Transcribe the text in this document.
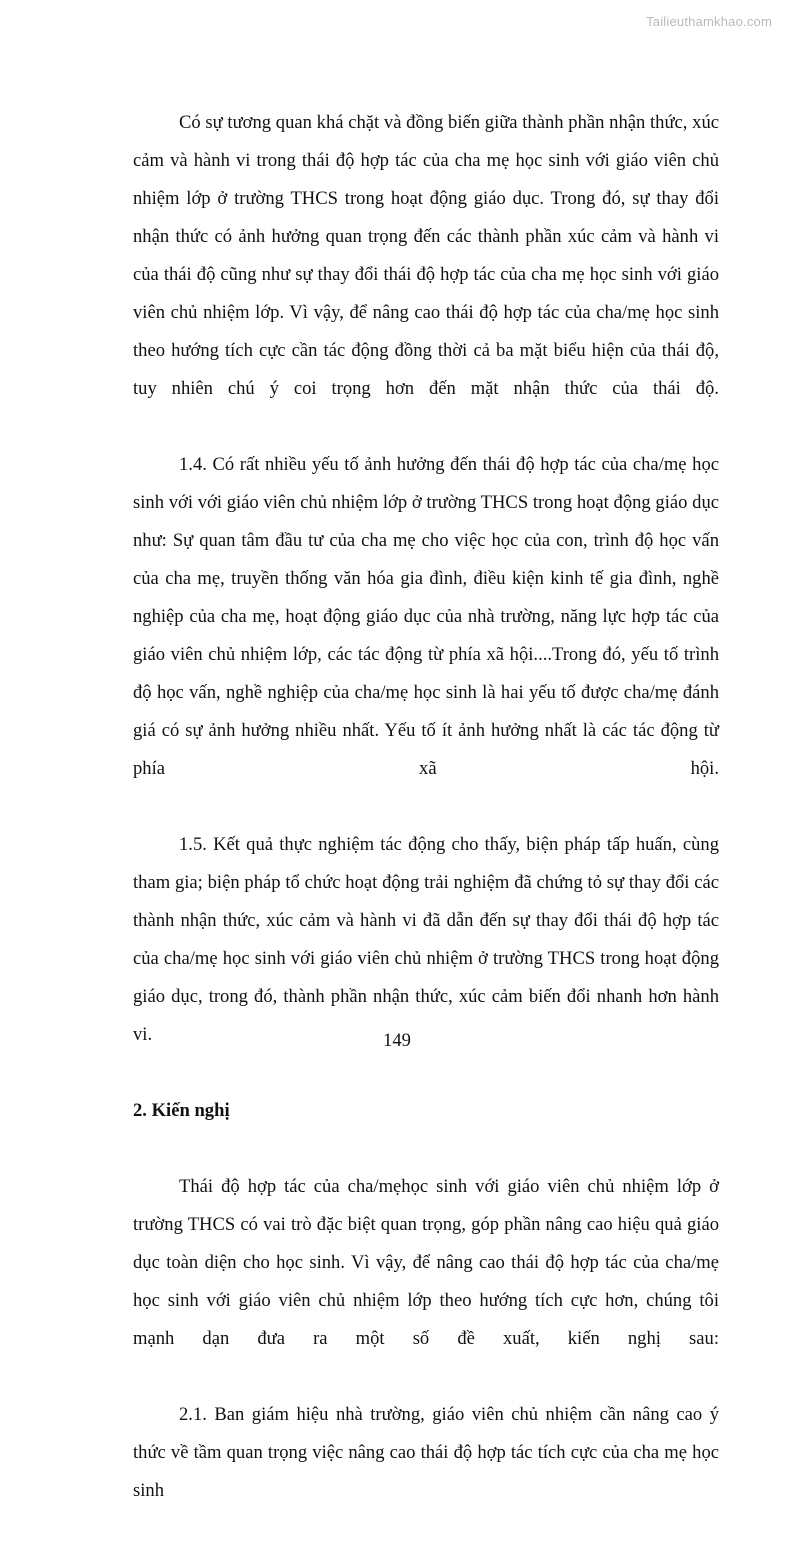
Tailieuthamkhao.com

Có sự tương quan khá chặt và đồng biến giữa thành phần nhận thức, xúc cảm và hành vi trong thái độ hợp tác của cha mẹ học sinh với giáo viên chủ nhiệm lớp ở trường THCS trong hoạt động giáo dục. Trong đó, sự thay đổi nhận thức có ảnh hưởng quan trọng đến các thành phần xúc cảm và hành vi của thái độ cũng như sự thay đổi thái độ hợp tác của cha mẹ học sinh với giáo viên chủ nhiệm lớp. Vì vậy, để nâng cao thái độ hợp tác của cha/mẹ học sinh theo hướng tích cực cần tác động đồng thời cả ba mặt biểu hiện của thái độ, tuy nhiên chú ý coi trọng hơn đến mặt nhận thức của thái độ.

1.4. Có rất nhiều yếu tố ảnh hưởng đến thái độ hợp tác của cha/mẹ học sinh với với giáo viên chủ nhiệm lớp ở trường THCS trong hoạt động giáo dục như: Sự quan tâm đầu tư của cha mẹ cho việc học của con, trình độ học vấn của cha mẹ, truyền thống văn hóa gia đình, điều kiện kinh tế gia đình, nghề nghiệp của cha mẹ, hoạt động giáo dục của nhà trường, năng lực hợp tác của giáo viên chủ nhiệm lớp, các tác động từ phía xã hội....Trong đó, yếu tố trình độ học vấn, nghề nghiệp của cha/mẹ học sinh là hai yếu tố được cha/mẹ đánh giá có sự ảnh hưởng nhiều nhất. Yếu tố ít ảnh hưởng nhất là các tác động từ phía xã hội.

1.5. Kết quả thực nghiệm tác động cho thấy, biện pháp tấp huấn, cùng tham gia; biện pháp tổ chức hoạt động trải nghiệm đã chứng tỏ sự thay đổi các thành nhận thức, xúc cảm và hành vi đã dẫn đến sự thay đổi thái độ hợp tác của cha/mẹ học sinh với giáo viên chủ nhiệm ở trường THCS trong hoạt động giáo dục, trong đó, thành phần nhận thức, xúc cảm biến đổi nhanh hơn hành vi.

2. Kiến nghị

Thái độ hợp tác của cha/mẹhọc sinh với giáo viên chủ nhiệm lớp ở trường THCS có vai trò đặc biệt quan trọng, góp phần nâng cao hiệu quả giáo dục toàn diện cho học sinh. Vì vậy, để nâng cao thái độ hợp tác của cha/mẹ học sinh với giáo viên chủ nhiệm lớp theo hướng tích cực hơn, chúng tôi mạnh dạn đưa ra một số đề xuất, kiến nghị sau:

2.1. Ban giám hiệu nhà trường, giáo viên chủ nhiệm cần nâng cao ý thức về tầm quan trọng việc nâng cao thái độ hợp tác tích cực của cha mẹ học sinh

149
